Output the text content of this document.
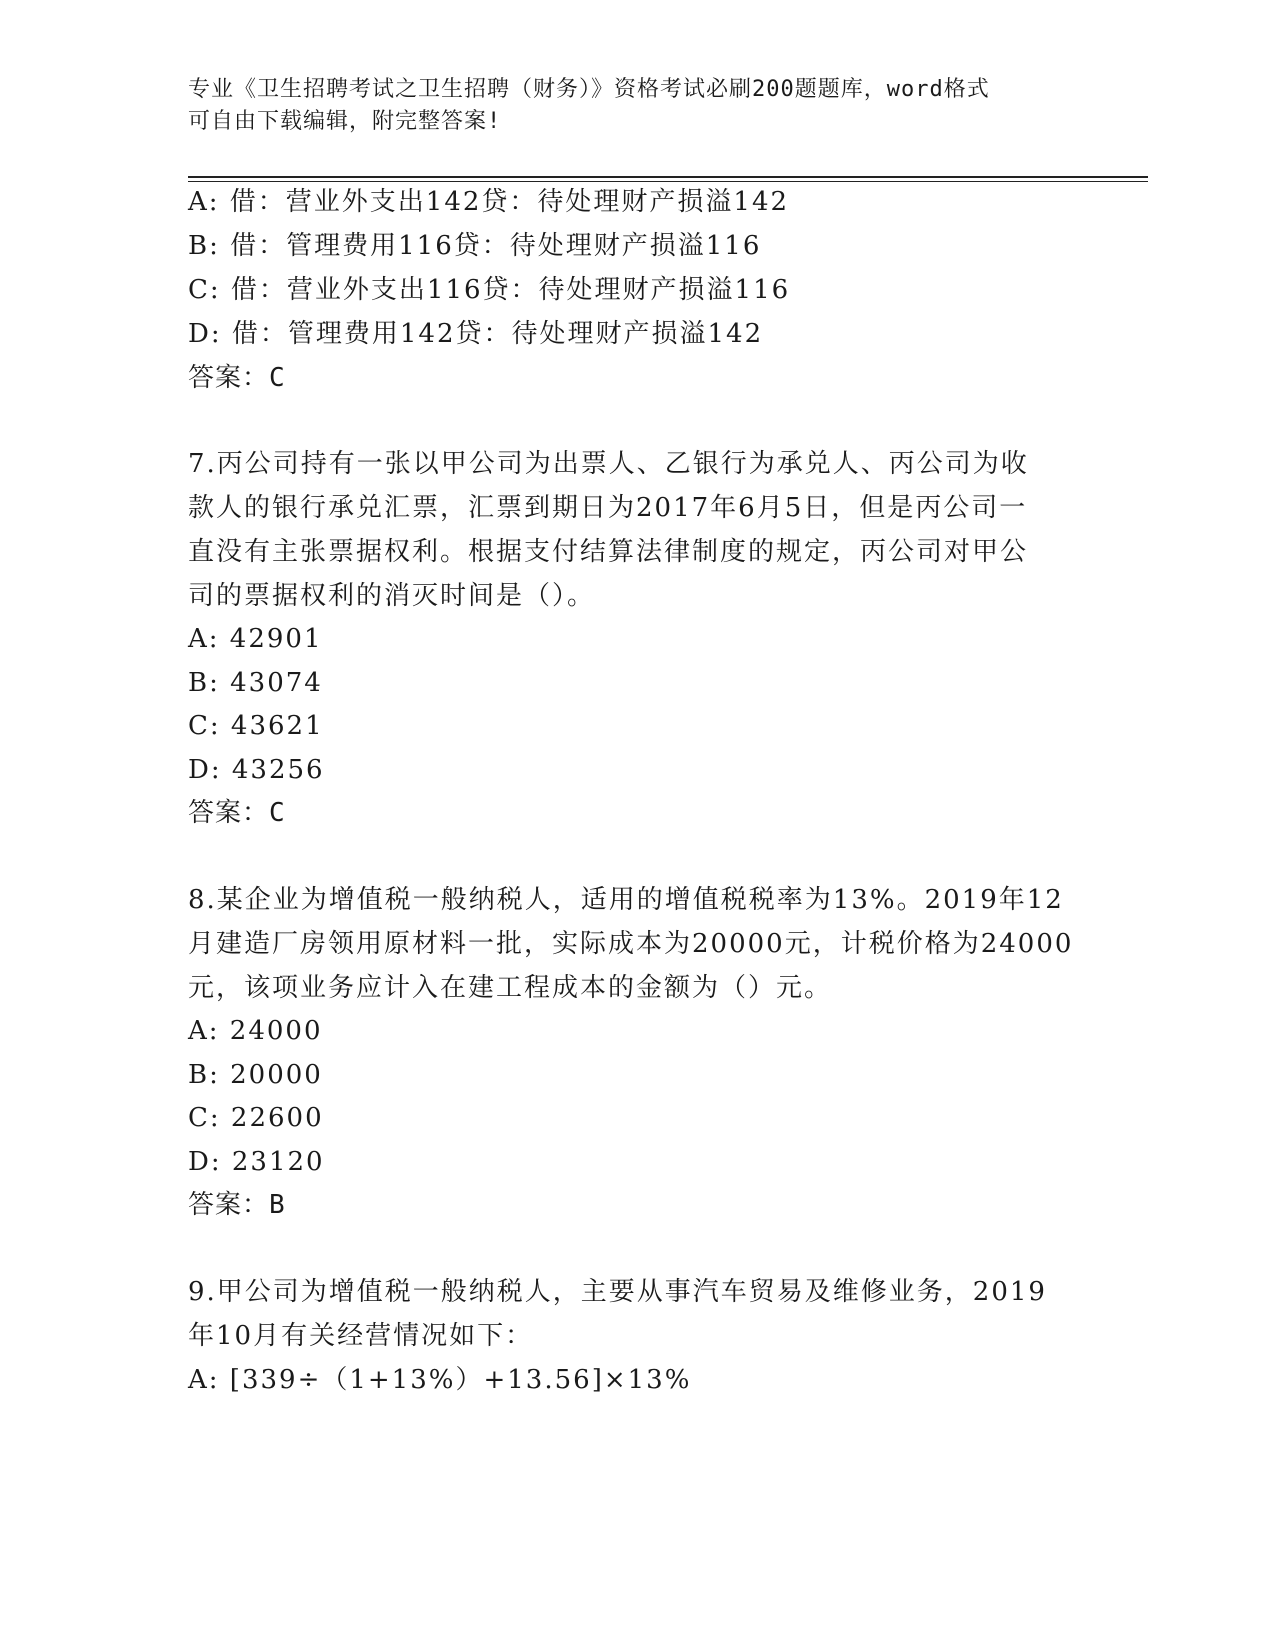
专业《卫生招聘考试之卫生招聘（财务）》资格考试必刷200题题库，word格式
可自由下载编辑，附完整答案!
A: 借：营业外支出142贷：待处理财产损溢142
B: 借：管理费用116贷：待处理财产损溢116
C: 借：营业外支出116贷：待处理财产损溢116
D: 借：管理费用142贷：待处理财产损溢142
答案：C
7.丙公司持有一张以甲公司为出票人、乙银行为承兑人、丙公司为收
款人的银行承兑汇票，汇票到期日为2017年6月5日，但是丙公司一
直没有主张票据权利。根据支付结算法律制度的规定，丙公司对甲公
司的票据权利的消灭时间是（）。
A: 42901
B: 43074
C: 43621
D: 43256
答案：C
8.某企业为增值税一般纳税人，适用的增值税税率为13%。2019年12
月建造厂房领用原材料一批，实际成本为20000元，计税价格为24000
元，该项业务应计入在建工程成本的金额为（）元。
A: 24000
B: 20000
C: 22600
D: 23120
答案：B
9.甲公司为增值税一般纳税人，主要从事汽车贸易及维修业务，2019
年10月有关经营情况如下：
A: [339÷（1+13%）+13.56]×13%
